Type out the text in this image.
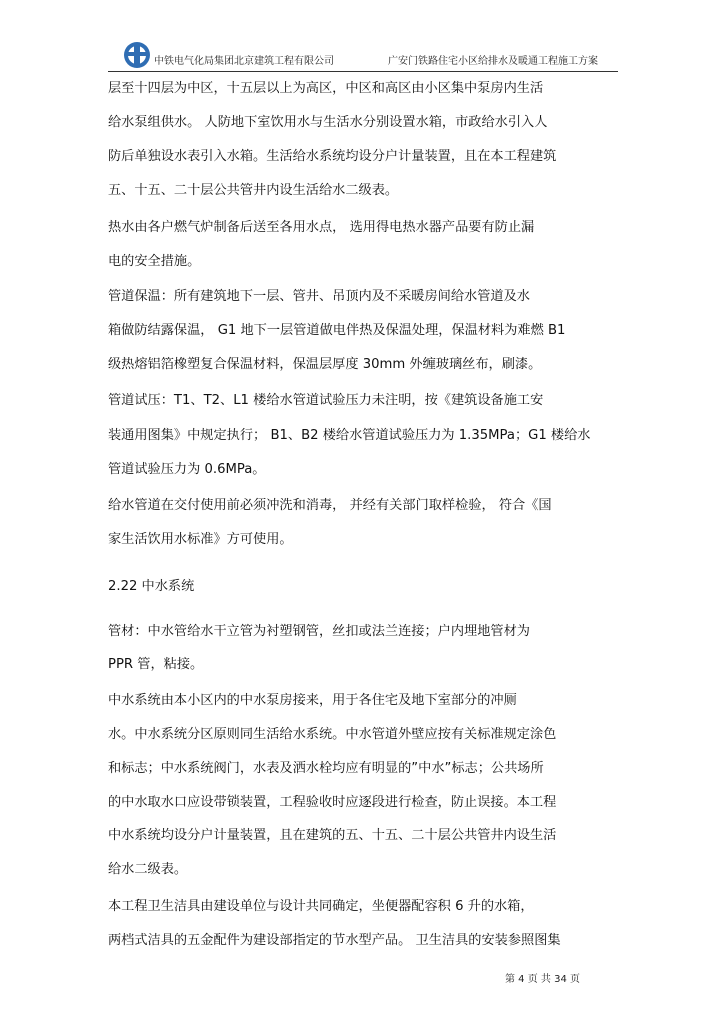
中铁电气化局集团北京建筑工程有限公司	广安门铁路住宅小区给排水及暖通工程施工方案
层至十四层为中区，十五层以上为高区，中区和高区由小区集中泵房内生活
给水泵组供水。 人防地下室饮用水与生活水分别设置水箱，市政给水引入人
防后单独设水表引入水箱。生活给水系统均设分户计量装置，且在本工程建筑
五、十五、二十层公共管井内设生活给水二级表。
热水由各户燃气炉制备后送至各用水点， 选用得电热水器产品要有防止漏
电的安全措施。
管道保温：所有建筑地下一层、管井、吊顶内及不采暖房间给水管道及水
箱做防结露保温， G1 地下一层管道做电伴热及保温处理，保温材料为难燃 B1
级热熔铝箔橡塑复合保温材料，保温层厚度 30mm 外缠玻璃丝布，刷漆。
管道试压：T1、T2、L1 楼给水管道试验压力未注明，按《建筑设备施工安
装通用图集》中规定执行； B1、B2 楼给水管道试验压力为 1.35MPa；G1 楼给水
管道试验压力为 0.6MPa。
给水管道在交付使用前必须冲洗和消毒， 并经有关部门取样检验， 符合《国
家生活饮用水标准》方可使用。
2.22 中水系统
管材：中水管给水干立管为衬塑钢管，丝扣或法兰连接；户内埋地管材为
PPR 管，粘接。
中水系统由本小区内的中水泵房接来，用于各住宅及地下室部分的冲厕
水。中水系统分区原则同生活给水系统。中水管道外壁应按有关标准规定涂色
和标志；中水系统阀门，水表及洒水栓均应有明显的”中水”标志；公共场所
的中水取水口应设带锁装置，工程验收时应逐段进行检查，防止误接。本工程
中水系统均设分户计量装置，且在建筑的五、十五、二十层公共管井内设生活
给水二级表。
本工程卫生洁具由建设单位与设计共同确定，坐便器配容积 6 升的水箱，
两档式洁具的五金配件为建设部指定的节水型产品。 卫生洁具的安装参照图集
第 4 页 共 34 页
